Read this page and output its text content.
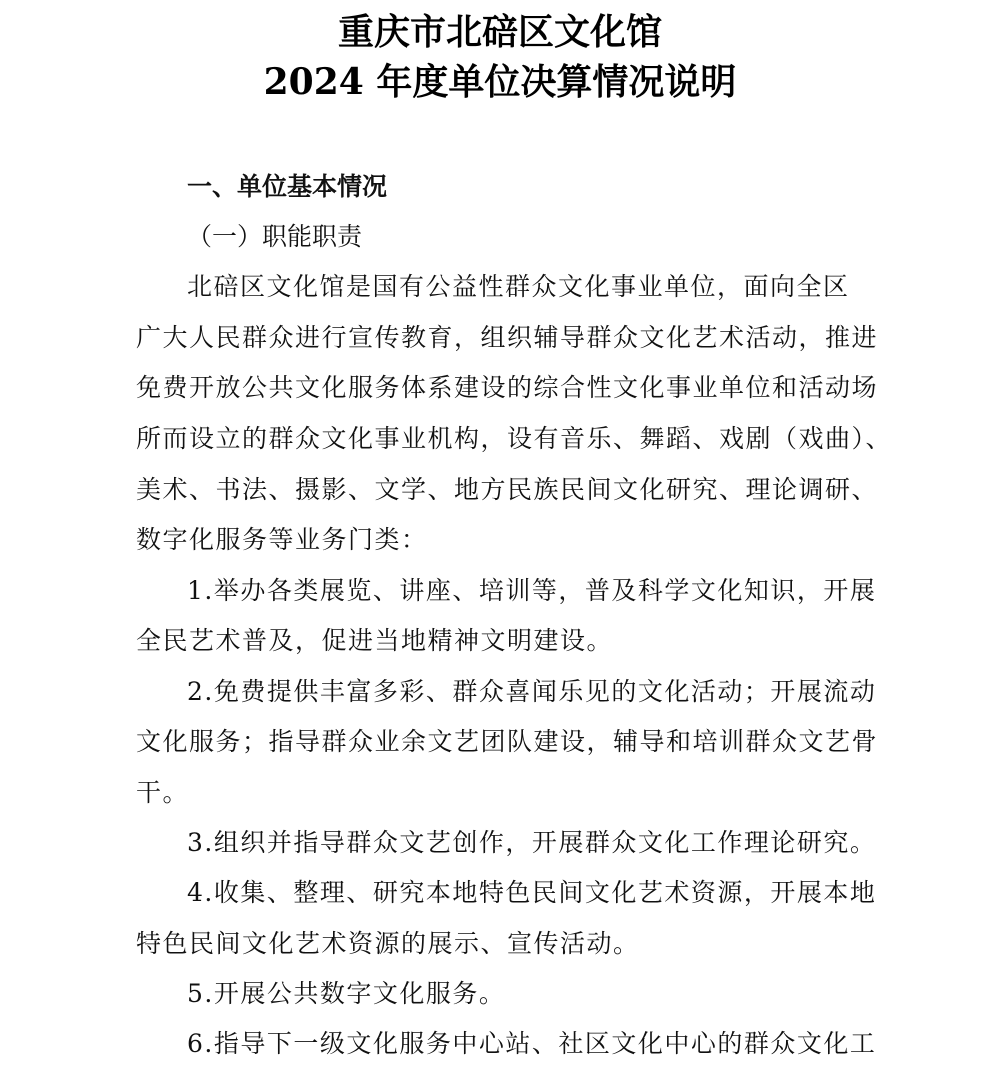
重庆市北碚区文化馆
2024 年度单位决算情况说明

一、单位基本情况

（一）职能职责

北碚区文化馆是国有公益性群众文化事业单位，面向全区

广大人民群众进行宣传教育，组织辅导群众文化艺术活动，推进

免费开放公共文化服务体系建设的综合性文化事业单位和活动场

所而设立的群众文化事业机构，设有音乐、舞蹈、戏剧（戏曲）、

美术、书法、摄影、文学、地方民族民间文化研究、理论调研、

数字化服务等业务门类：

1.举办各类展览、讲座、培训等，普及科学文化知识，开展

全民艺术普及，促进当地精神文明建设。

2.免费提供丰富多彩、群众喜闻乐见的文化活动；开展流动

文化服务；指导群众业余文艺团队建设，辅导和培训群众文艺骨

干。

3.组织并指导群众文艺创作，开展群众文化工作理论研究。

4.收集、整理、研究本地特色民间文化艺术资源，开展本地

特色民间文化艺术资源的展示、宣传活动。

5.开展公共数字文化服务。

6.指导下一级文化服务中心站、社区文化中心的群众文化工
